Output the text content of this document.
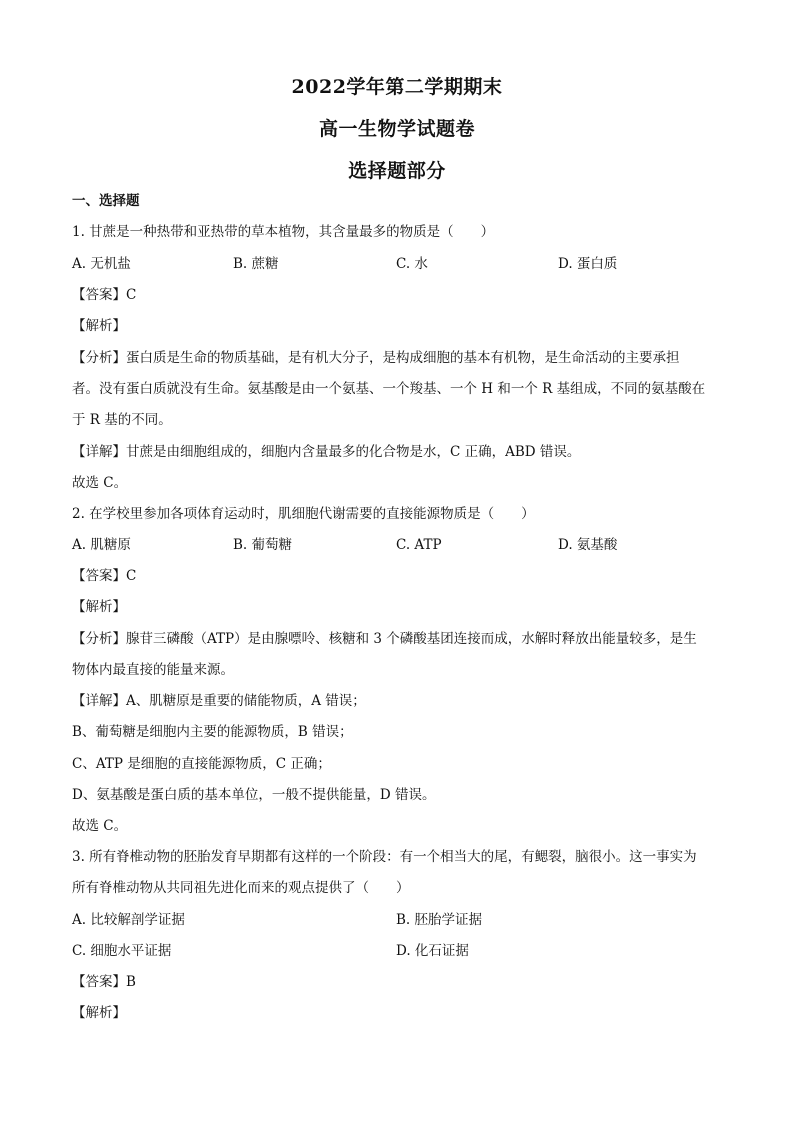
2022学年第二学期期末
高一生物学试题卷
选择题部分
一、选择题
1. 甘蔗是一种热带和亚热带的草本植物，其含量最多的物质是（　　）
A. 无机盐	B. 蔗糖	C. 水	D. 蛋白质
【答案】C
【解析】
【分析】蛋白质是生命的物质基础，是有机大分子，是构成细胞的基本有机物，是生命活动的主要承担
者。没有蛋白质就没有生命。氨基酸是由一个氨基、一个羧基、一个 H 和一个 R 基组成，不同的氨基酸在
于 R 基的不同。
【详解】甘蔗是由细胞组成的，细胞内含量最多的化合物是水，C 正确，ABD 错误。
故选 C。
2. 在学校里参加各项体育运动时，肌细胞代谢需要的直接能源物质是（　　）
A. 肌糖原	B. 葡萄糖	C. ATP	D. 氨基酸
【答案】C
【解析】
【分析】腺苷三磷酸（ATP）是由腺嘌呤、核糖和 3 个磷酸基团连接而成，水解时释放出能量较多，是生
物体内最直接的能量来源。
【详解】A、肌糖原是重要的储能物质，A 错误；
B、葡萄糖是细胞内主要的能源物质，B 错误；
C、ATP 是细胞的直接能源物质，C 正确；
D、氨基酸是蛋白质的基本单位，一般不提供能量，D 错误。
故选 C。
3. 所有脊椎动物的胚胎发育早期都有这样的一个阶段：有一个相当大的尾，有鳃裂，脑很小。这一事实为
所有脊椎动物从共同祖先进化而来的观点提供了（　　）
A. 比较解剖学证据	B. 胚胎学证据
C. 细胞水平证据	D. 化石证据
【答案】B
【解析】
